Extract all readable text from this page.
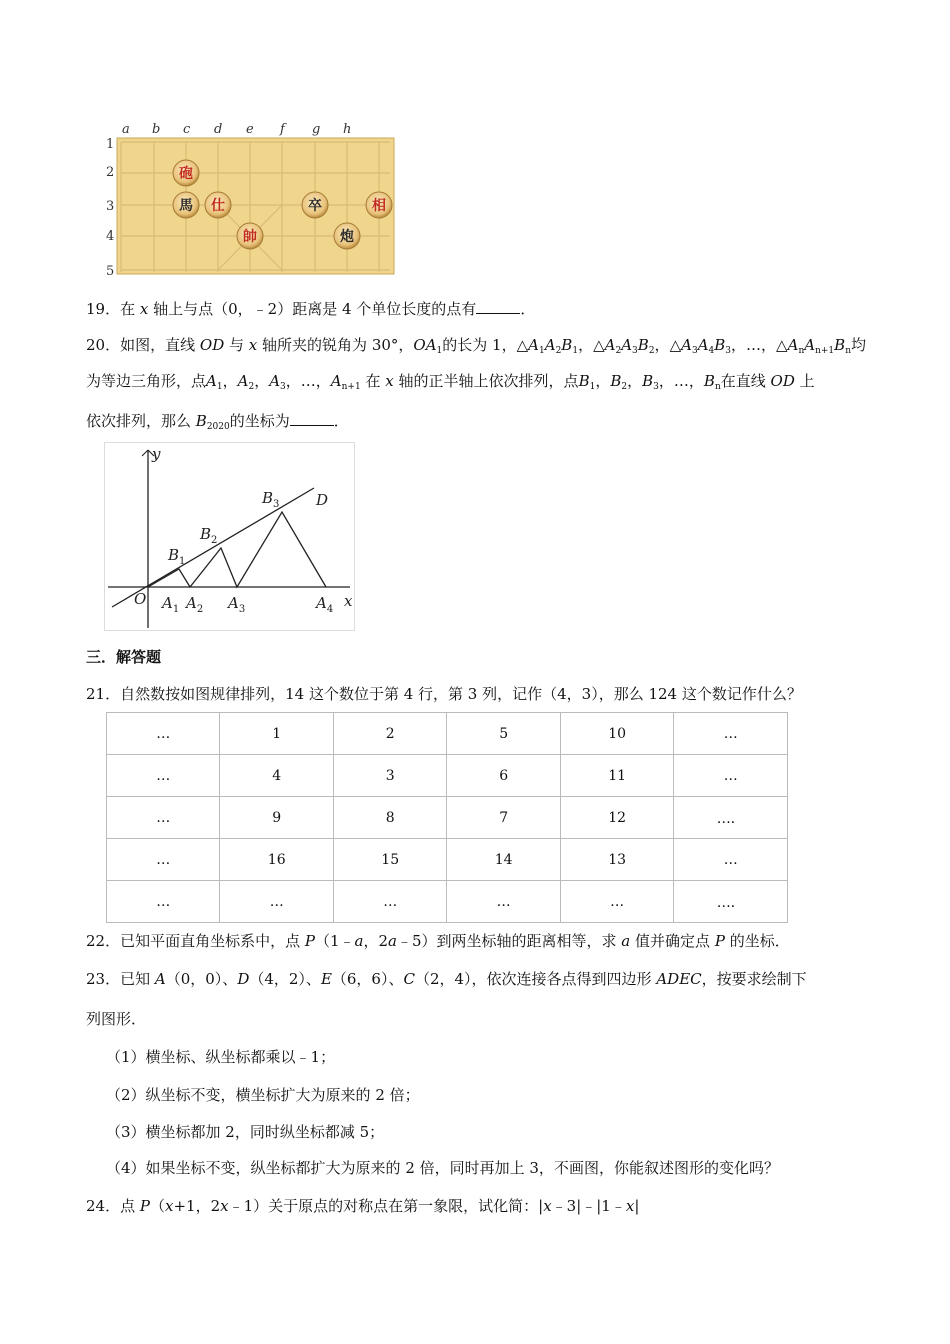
a b c d e f g h
1
2
3
4
5
砲
馬 仕
帥
卒	相
炮
19．在 x 轴上与点（0，﹣2）距离是 4 个单位长度的点有	．
20．如图，直线 OD 与 x 轴所夹的锐角为 30°，$OA_1$的长为 1，$\triangle A_1A_2B_1$，$\triangle A_2A_3B_2$，$\triangle A_3A_4B_3$，…，$\triangle A_nA_{n+1}B_n$均
为等边三角形，点$A_1$，$A_2$，$A_3$，…，$A_{n+1}$ 在 x 轴的正半轴上依次排列，点$B_1$，$B_2$，$B_3$，…，$B_n$在直线 OD 上
依次排列，那么 $B_{2020}$的坐标为	．
y
x
O
D
$B_1$
$B_2$
$B_3$
$A_1$ $A_2$ $A_3$	$A_4$
三．解答题
21．自然数按如图规律排列，14 这个数位于第 4 行，第 3 列，记作（4，3），那么 124 这个数记作什么？
…	1	2	5	10	…
…	4	3	6	11	…
…	9	8	7	12	…．
…	16	15	14	13	…
…	…	…	…	…	…．
22．已知平面直角坐标系中，点 P（1﹣a，2a﹣5）到两坐标轴的距离相等，求 a 值并确定点 P 的坐标．
23．已知 A（0，0）、D（4，2）、E（6，6）、C（2，4），依次连接各点得到四边形 ADEC，按要求绘制下
列图形．
（1）横坐标、纵坐标都乘以﹣1；
（2）纵坐标不变，横坐标扩大为原来的 2 倍；
（3）横坐标都加 2，同时纵坐标都减 5；
（4）如果坐标不变，纵坐标都扩大为原来的 2 倍，同时再加上 3，不画图，你能叙述图形的变化吗？
24．点 P（x+1，2x﹣1）关于原点的对称点在第一象限，试化简：|x﹣3|﹣|1﹣x|
